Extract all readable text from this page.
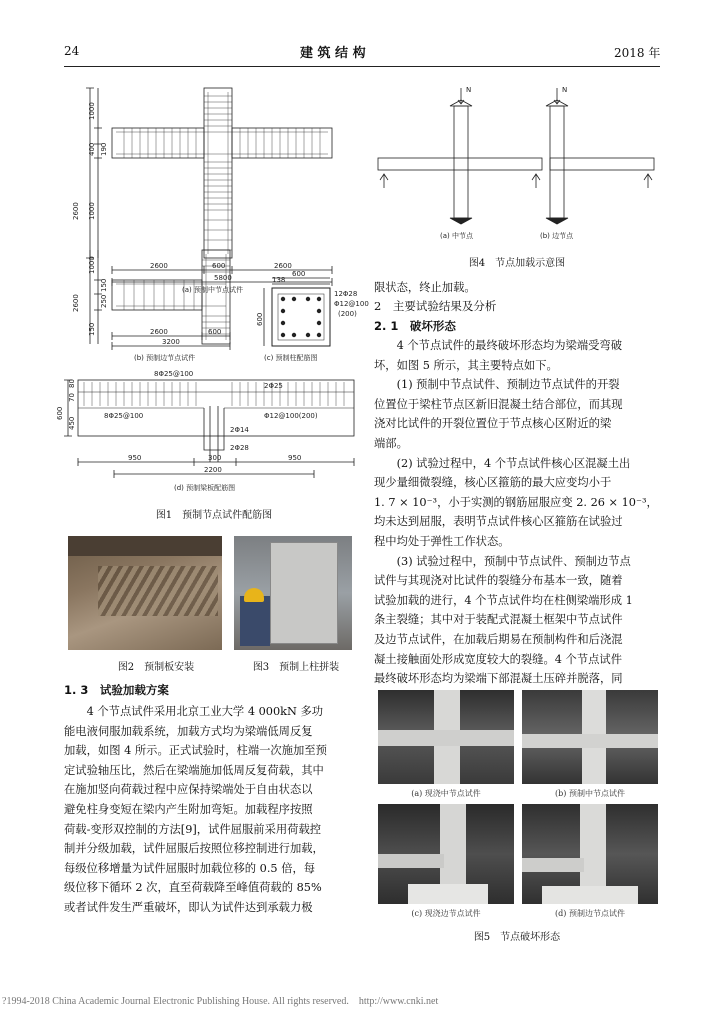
24	建 筑 结 构	2018 年
2600
1000
400 190
1000
2600	600	2600
5800
(a) 预制中节点试件
2600
1000
150
250
150	2600	600
3200
(b) 预制边节点试件
600
138
12Φ28
Φ12@100
(200)
600
(c) 预制柱配筋图
8Φ25@100
8Φ25@100
2Φ25
Φ12@100(200)
2Φ14
2Φ28
80
70
450
600
950	300	950
2200
(d) 预制梁板配筋图
图1　预制节点试件配筋图
图2　预制板安装	图3　预制上柱拼装
1. 3　试验加载方案

4 个节点试件采用北京工业大学 4 000kN 多功

能电液伺服加载系统，加载方式均为梁端低周反复

加载，如图 4 所示。正式试验时，柱端一次施加至预

定试验轴压比，然后在梁端施加低周反复荷载，其中

在施加竖向荷载过程中应保持梁端处于自由状态以

避免柱身变短在梁内产生附加弯矩。加载程序按照

荷载-变形双控制的方法[9]，试件屈服前采用荷载控

制并分级加载，试件屈服后按照位移控制进行加载，

每级位移增量为试件屈服时加载位移的 0.5 倍，每

级位移下循环 2 次，直至荷载降至峰值荷载的 85%

或者试件发生严重破坏，即认为试件达到承载力极

N	N
(a) 中节点	(b) 边节点
图4　节点加载示意图

限状态，终止加载。

2　主要试验结果及分析
2. 1　破坏形态

4 个节点试件的最终破坏形态均为梁端受弯破

坏，如图 5 所示，其主要特点如下。

(1) 预制中节点试件、预制边节点试件的开裂

位置位于梁柱节点区新旧混凝土结合部位，而其现

浇对比试件的开裂位置位于节点核心区附近的梁

端部。

(2) 试验过程中，4 个节点试件核心区混凝土出

现少量细微裂缝，核心区箍筋的最大应变均小于

1. 7 × 10⁻³，小于实测的钢筋屈服应变 2. 26 × 10⁻³，

均未达到屈服，表明节点试件核心区箍筋在试验过

程中均处于弹性工作状态。

(3) 试验过程中，预制中节点试件、预制边节点

试件与其现浇对比试件的裂缝分布基本一致，随着

试验加载的进行，4 个节点试件均在柱侧梁端形成 1

条主裂缝；其中对于装配式混凝土框架中节点试件

及边节点试件，在加载后期易在预制构件和后浇混

凝土接触面处形成宽度较大的裂缝。4 个节点试件

最终破坏形态均为梁端下部混凝土压碎并脱落，同

(a) 现浇中节点试件	(b) 预制中节点试件
(c) 现浇边节点试件	(d) 预制边节点试件
图5　节点破坏形态
?1994-2018 China Academic Journal Electronic Publishing House. All rights reserved.　http://www.cnki.net
